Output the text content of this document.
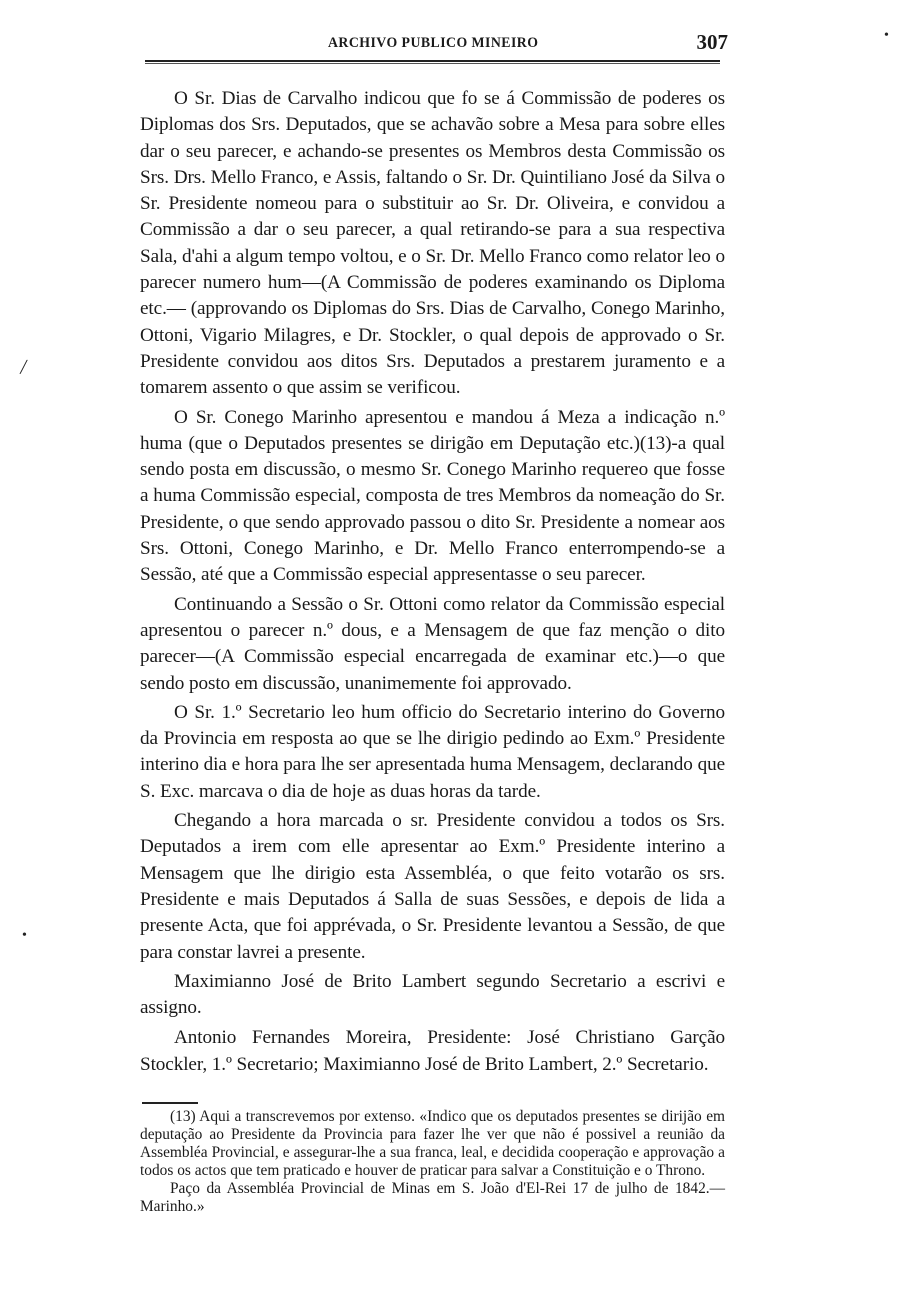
ARCHIVO PUBLICO MINEIRO	307

O Sr. Dias de Carvalho indicou que fo se á Commissão de poderes os Diplomas dos Srs. Deputados, que se achavão sobre a Mesa para sobre elles dar o seu parecer, e achando-se presentes os Membros desta Commissão os Srs. Drs. Mello Franco, e Assis, faltando o Sr. Dr. Quintiliano José da Silva o Sr. Presidente nomeou para o substituir ao Sr. Dr. Oliveira, e convidou a Commissão a dar o seu parecer, a qual retirando-se para a sua respectiva Sala, d'ahi a algum tempo voltou, e o Sr. Dr. Mello Franco como relator leo o parecer numero hum—(A Commissão de poderes examinando os Diploma etc.— (approvando os Diplomas do Srs. Dias de Carvalho, Conego Marinho, Ottoni, Vigario Milagres, e Dr. Stockler, o qual depois de approvado o Sr. Presidente convidou aos ditos Srs. Deputados a prestarem juramento e a tomarem assento o que assim se verificou.

O Sr. Conego Marinho apresentou e mandou á Meza a indicação n.º huma (que o Deputados presentes se dirigão em Deputação etc.)(13)-a qual sendo posta em discussão, o mesmo Sr. Conego Marinho requereo que fosse a huma Commissão especial, composta de tres Membros da nomeação do Sr. Presidente, o que sendo approvado passou o dito Sr. Presidente a nomear aos Srs. Ottoni, Conego Marinho, e Dr. Mello Franco enterrompendo-se a Sessão, até que a Commissão especial appresentasse o seu parecer.

Continuando a Sessão o Sr. Ottoni como relator da Commissão especial apresentou o parecer n.º dous, e a Mensagem de que faz menção o dito parecer—(A Commissão especial encarregada de examinar etc.)—o que sendo posto em discussão, unanimemente foi approvado.

O Sr. 1.º Secretario leo hum officio do Secretario interino do Governo da Provincia em resposta ao que se lhe dirigio pedindo ao Exm.º Presidente interino dia e hora para lhe ser apresentada huma Mensagem, declarando que S. Exc. marcava o dia de hoje as duas horas da tarde.

Chegando a hora marcada o sr. Presidente convidou a todos os Srs. Deputados a irem com elle apresentar ao Exm.º Presidente interino a Mensagem que lhe dirigio esta Assembléa, o que feito votarão os srs. Presidente e mais Deputados á Salla de suas Sessões, e depois de lida a presente Acta, que foi apprévada, o Sr. Presidente levantou a Sessão, de que para constar lavrei a presente.

Maximianno José de Brito Lambert segundo Secretario a escrivi e assigno.

Antonio Fernandes Moreira, Presidente: José Christiano Garção Stockler, 1.º Secretario; Maximianno José de Brito Lambert, 2.º Secretario.

(13) Aqui a transcrevemos por extenso. «Indico que os deputados presentes se dirijão em deputação ao Presidente da Provincia para fazer lhe ver que não é possivel a reunião da Assembléa Provincial, e assegurar-lhe a sua franca, leal, e decidida cooperação e approvação a todos os actos que tem praticado e houver de praticar para salvar a Constituição e o Throno.

Paço da Assembléa Provincial de Minas em S. João d'El-Rei 17 de julho de 1842.—Marinho.»

•
╱
•
